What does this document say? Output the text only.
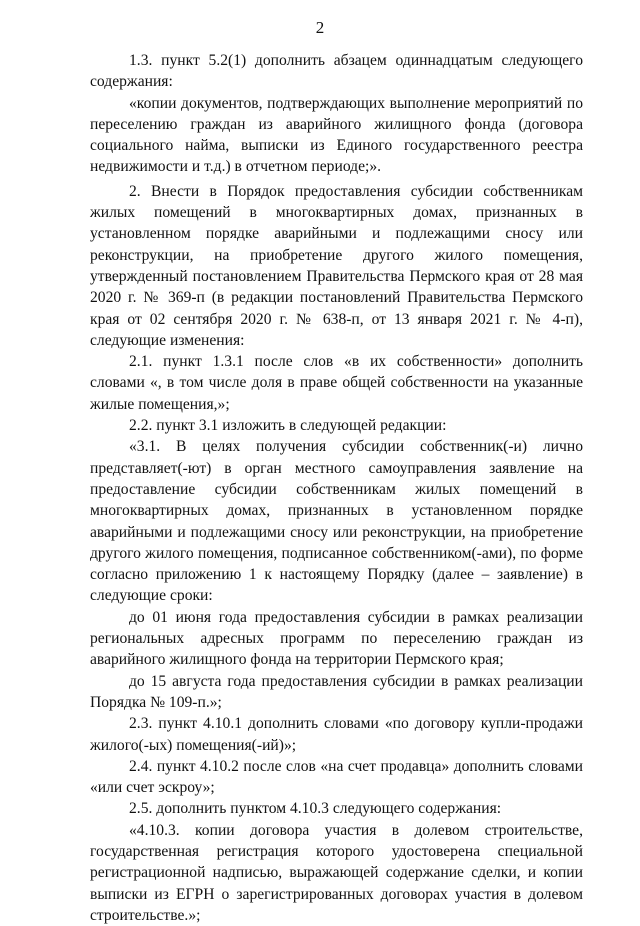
2

1.3. пункт 5.2(1) дополнить абзацем одиннадцатым следующего содержания:

«копии документов, подтверждающих выполнение мероприятий по переселению граждан из аварийного жилищного фонда (договора социального найма, выписки из Единого государственного реестра недвижимости и т.д.) в отчетном периоде;».

2. Внести в Порядок предоставления субсидии собственникам жилых помещений в многоквартирных домах, признанных в установленном порядке аварийными и подлежащими сносу или реконструкции, на приобретение другого жилого помещения, утвержденный постановлением Правительства Пермского края от 28 мая 2020 г. № 369-п (в редакции постановлений Правительства Пермского края от 02 сентября 2020 г. № 638-п, от 13 января 2021 г. № 4-п), следующие изменения:

2.1. пункт 1.3.1 после слов «в их собственности» дополнить словами «, в том числе доля в праве общей собственности на указанные жилые помещения,»;

2.2. пункт 3.1 изложить в следующей редакции:

«3.1. В целях получения субсидии собственник(-и) лично представляет(-ют) в орган местного самоуправления заявление на предоставление субсидии собственникам жилых помещений в многоквартирных домах, признанных в установленном порядке аварийными и подлежащими сносу или реконструкции, на приобретение другого жилого помещения, подписанное собственником(-ами), по форме согласно приложению 1 к настоящему Порядку (далее – заявление) в следующие сроки:

до 01 июня года предоставления субсидии в рамках реализации региональных адресных программ по переселению граждан из аварийного жилищного фонда на территории Пермского края;

до 15 августа года предоставления субсидии в рамках реализации Порядка № 109-п.»;

2.3. пункт 4.10.1 дополнить словами «по договору купли-продажи жилого(-ых) помещения(-ий)»;

2.4. пункт 4.10.2 после слов «на счет продавца» дополнить словами «или счет эскроу»;

2.5. дополнить пунктом 4.10.3 следующего содержания:

«4.10.3. копии договора участия в долевом строительстве, государственная регистрация которого удостоверена специальной регистрационной надписью, выражающей содержание сделки, и копии выписки из ЕГРН о зарегистрированных договорах участия в долевом строительстве.»;
